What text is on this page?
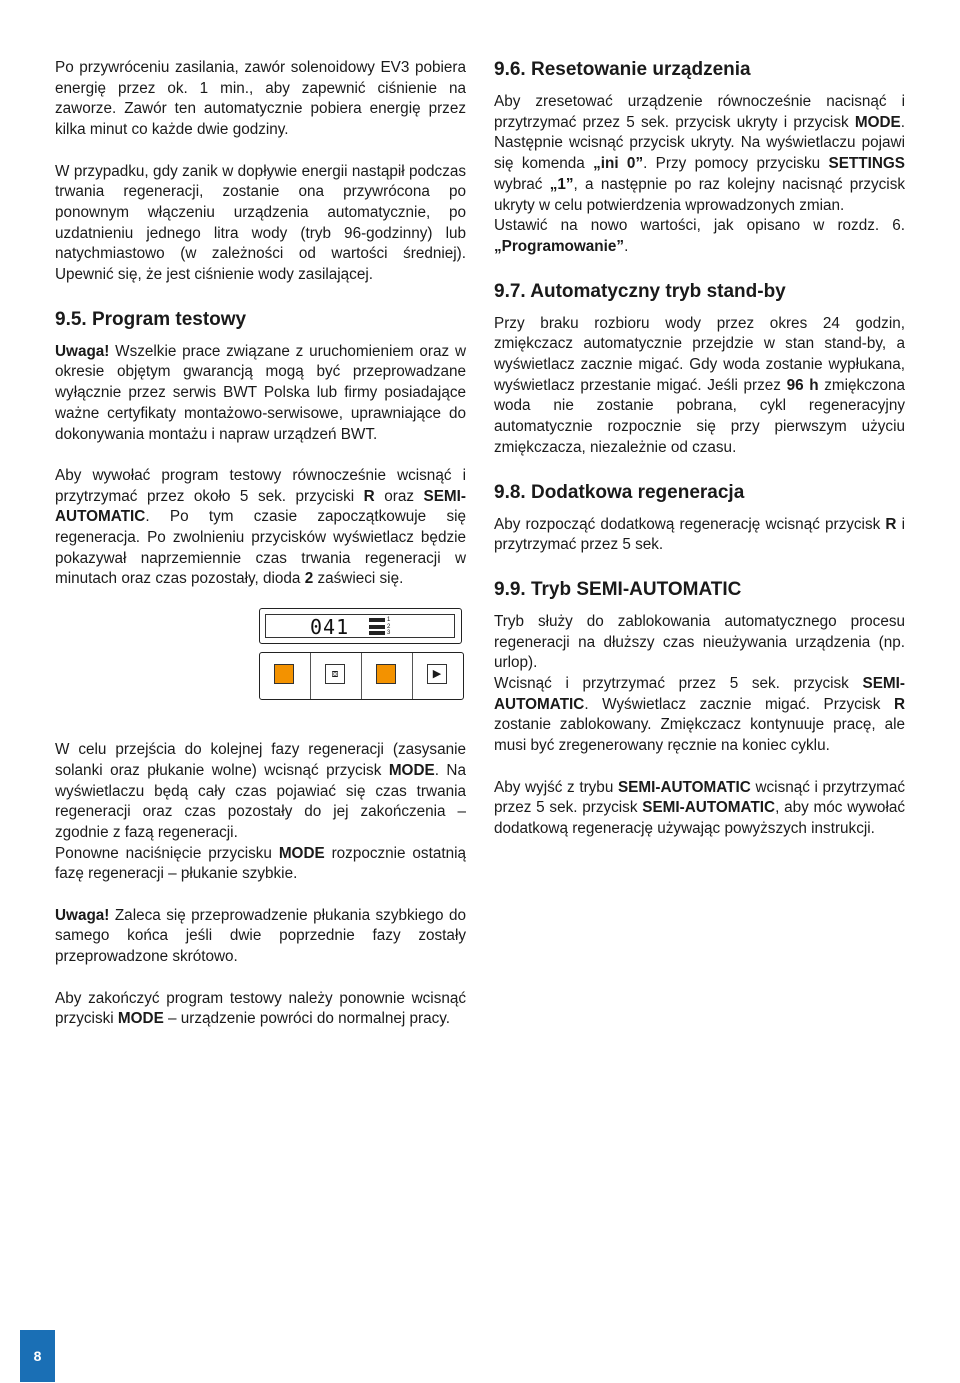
Po przywróceniu zasilania, zawór solenoidowy EV3 pobiera energię przez ok. 1 min., aby zapewnić ciśnienie na zaworze. Zawór ten automatycznie pobiera energię przez kilka minut co każde dwie godziny.

W przypadku, gdy zanik w dopływie energii nastąpił podczas trwania regeneracji, zostanie ona przywrócona po ponownym włączeniu urządzenia automatycznie, po uzdatnieniu jednego litra wody (tryb 96-godzinny) lub natychmiastowo (w zależności od wartości średniej). Upewnić się, że jest ciśnienie wody zasilającej.

9.5. Program testowy

Uwaga! Wszelkie prace związane z uruchomieniem oraz w okresie objętym gwarancją mogą być przeprowadzane wyłącznie przez serwis BWT Polska lub firmy posiadające ważne certyfikaty montażowo-serwisowe, uprawniające do dokonywania montażu i napraw urządzeń BWT.

Aby wywołać program testowy równocześnie wcisnąć i przytrzymać przez około 5 sek. przyciski R oraz SEMI-AUTOMATIC. Po tym czasie zapoczątkowuje się regeneracja. Po zwolnieniu przycisków wyświetlacz będzie pokazywał naprzemiennie czas trwania regeneracji w minutach oraz czas pozostały, dioda 2 zaświeci się.

041	1
2
3
⧈	▶

W celu przejścia do kolejnej fazy regeneracji (zasysanie solanki oraz płukanie wolne) wcisnąć przycisk MODE. Na wyświetlaczu będą cały czas pojawiać się czas trwania regeneracji oraz czas pozostały do jej zakończenia – zgodnie z fazą regeneracji.

Ponowne naciśnięcie przycisku MODE rozpocznie ostatnią fazę regeneracji – płukanie szybkie.

Uwaga! Zaleca się przeprowadzenie płukania szybkiego do samego końca jeśli dwie poprzednie fazy zostały przeprowadzone skrótowo.

Aby zakończyć program testowy należy ponownie wcisnąć przyciski MODE – urządzenie powróci do normalnej pracy.

9.6. Resetowanie urządzenia

Aby zresetować urządzenie równocześnie nacisnąć i przytrzymać przez 5 sek. przycisk ukryty i przycisk MODE. Następnie wcisnąć przycisk ukryty. Na wyświetlaczu pojawi się komenda „ini 0”. Przy pomocy przycisku SETTINGS wybrać „1”, a następnie po raz kolejny nacisnąć przycisk ukryty w celu potwierdzenia wprowadzonych zmian.

Ustawić na nowo wartości, jak opisano w rozdz. 6. „Programowanie”.

9.7. Automatyczny tryb stand-by

Przy braku rozbioru wody przez okres 24 godzin, zmiękczacz automatycznie przejdzie w stan stand-by, a wyświetlacz zacznie migać. Gdy woda zostanie wypłukana, wyświetlacz przestanie migać. Jeśli przez 96 h zmiękczona woda nie zostanie pobrana, cykl regeneracyjny automatycznie rozpocznie się przy pierwszym użyciu zmiękczacza, niezależnie od czasu.

9.8. Dodatkowa regeneracja

Aby rozpocząć dodatkową regenerację wcisnąć przycisk R i przytrzymać przez 5 sek.

9.9. Tryb SEMI-AUTOMATIC

Tryb służy do zablokowania automatycznego procesu regeneracji na dłuższy czas nieużywania urządzenia (np. urlop).

Wcisnąć i przytrzymać przez 5 sek. przycisk SEMI-AUTOMATIC. Wyświetlacz zacznie migać. Przycisk R zostanie zablokowany. Zmiękczacz kontynuuje pracę, ale musi być zregenerowany ręcznie na koniec cyklu.

Aby wyjść z trybu SEMI-AUTOMATIC wcisnąć i przytrzymać przez 5 sek. przycisk SEMI-AUTOMATIC, aby móc wywołać dodatkową regenerację używając powyższych instrukcji.

8
